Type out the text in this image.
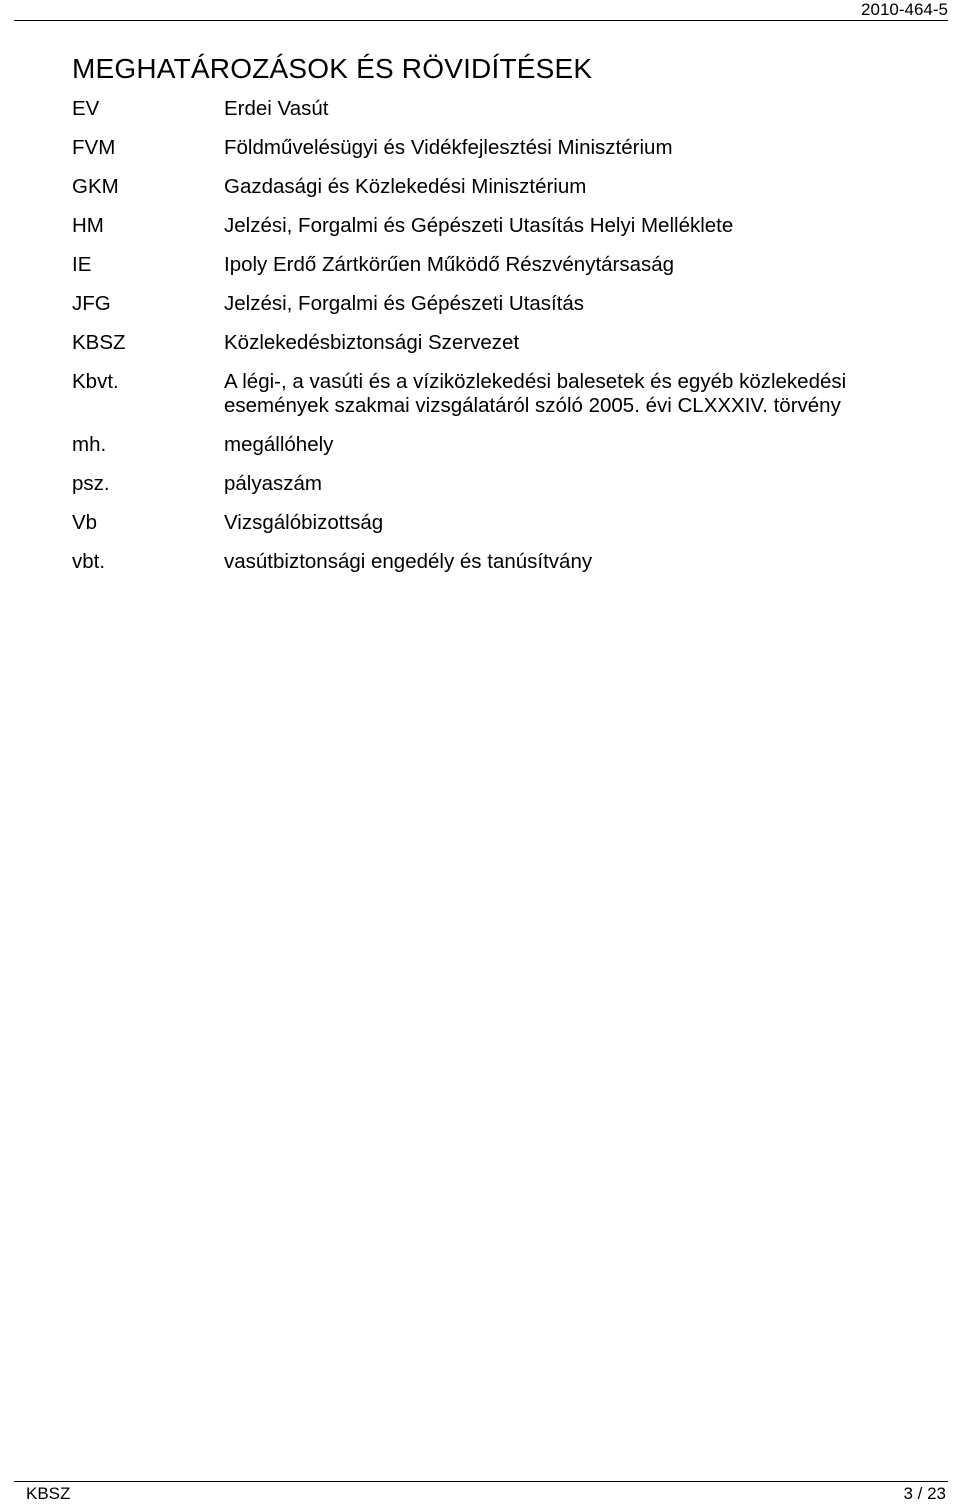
2010-464-5
MEGHATÁROZÁSOK ÉS RÖVIDÍTÉSEK
EV	Erdei Vasút
FVM	Földművelésügyi és Vidékfejlesztési Minisztérium
GKM	Gazdasági és Közlekedési Minisztérium
HM	Jelzési, Forgalmi és Gépészeti Utasítás Helyi Melléklete
IE	Ipoly Erdő Zártkörűen Működő Részvénytársaság
JFG	Jelzési, Forgalmi és Gépészeti Utasítás
KBSZ	Közlekedésbiztonsági Szervezet
Kbvt.	A légi-, a vasúti és a víziközlekedési balesetek és egyéb közlekedési események szakmai vizsgálatáról szóló 2005. évi CLXXXIV. törvény
mh.	megállóhely
psz.	pályaszám
Vb	Vizsgálóbizottság
vbt.	vasútbiztonsági engedély és tanúsítvány
KBSZ	3 / 23
